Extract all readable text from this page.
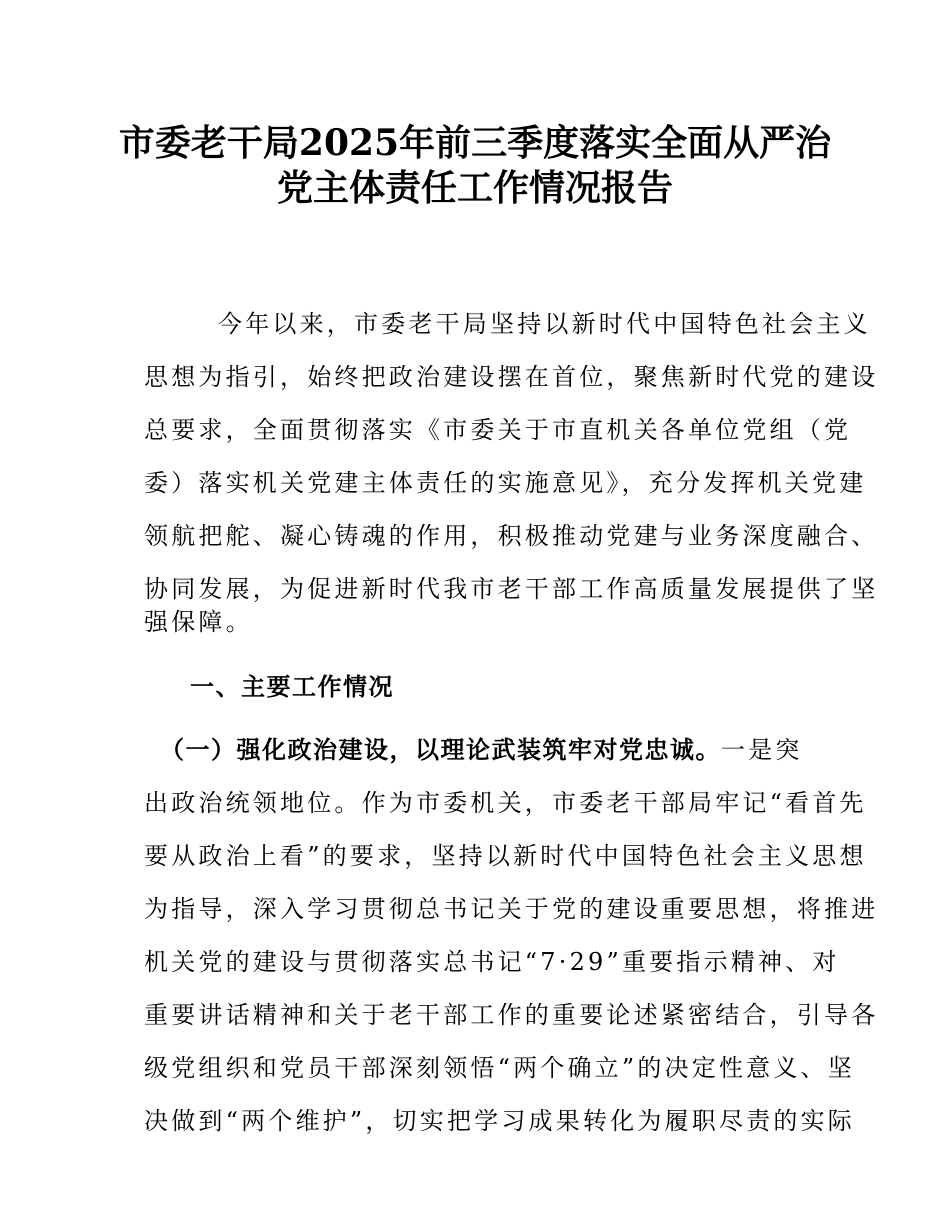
市委老干局2025年前三季度落实全面从严治
党主体责任工作情况报告

今年以来，市委老干局坚持以新时代中国特色社会主义

思想为指引，始终把政治建设摆在首位，聚焦新时代党的建设

总要求，全面贯彻落实《市委关于市直机关各单位党组（党

委）落实机关党建主体责任的实施意见》，充分发挥机关党建

领航把舵、凝心铸魂的作用，积极推动党建与业务深度融合、

协同发展，为促进新时代我市老干部工作高质量发展提供了坚

强保障。

一、主要工作情况

（一）强化政治建设，以理论武装筑牢对党忠诚。一是突

出政治统领地位。作为市委机关，市委老干部局牢记“看首先

要从政治上看”的要求，坚持以新时代中国特色社会主义思想

为指导，深入学习贯彻总书记关于党的建设重要思想，将推进

机关党的建设与贯彻落实总书记“7·29”重要指示精神、对

重要讲话精神和关于老干部工作的重要论述紧密结合，引导各

级党组织和党员干部深刻领悟“两个确立”的决定性意义、坚

决做到“两个维护”，切实把学习成果转化为履职尽责的实际
